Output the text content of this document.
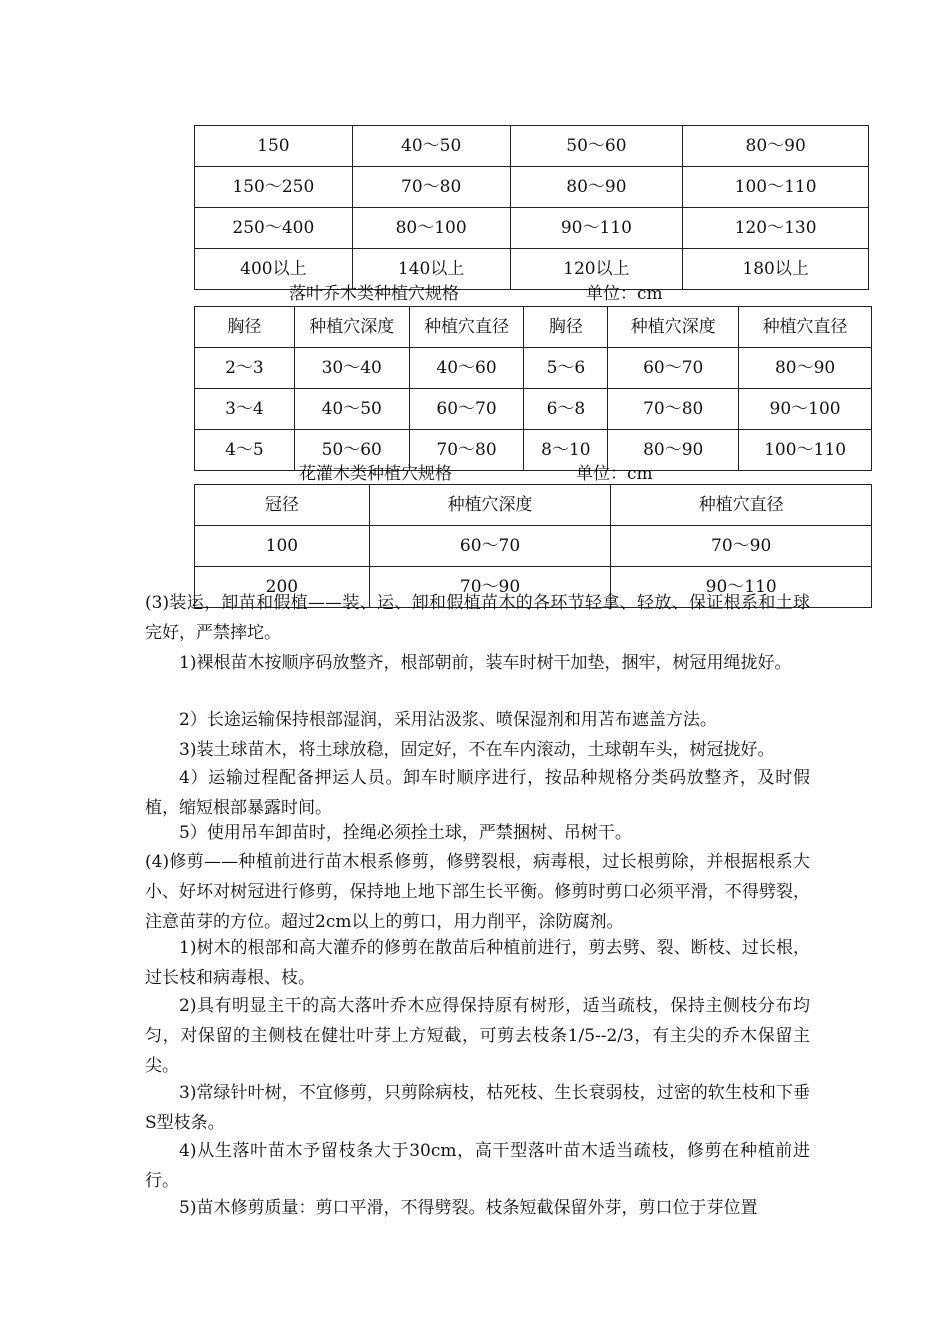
150	40～50	50～60	80～90
150～250	70～80	80～90	100～110
250～400	80～100	90～110	120～130
400以上	140以上	120以上	180以上
落叶乔木类种植穴规格	单位：cm
胸径	种植穴深度	种植穴直径	胸径	种植穴深度	种植穴直径
2～3	30～40	40～60	5～6	60～70	80～90
3～4	40～50	60～70	6～8	70～80	90～100
4～5	50～60	70～80	8～10	80～90	100～110
花灌木类种植穴规格	单位：cm
冠径	种植穴深度	种植穴直径
100	60～70	70～90
200	70～90	90～110

(3)装运，卸苗和假植——装、运、卸和假植苗木的各环节轻拿、轻放、保证根系和土球完好，严禁摔坨。

1)裸根苗木按顺序码放整齐，根部朝前，装车时树干加垫，捆牢，树冠用绳拢好。

2）长途运输保持根部湿润，采用沾汲浆、喷保湿剂和用苫布遮盖方法。

3)装土球苗木，将土球放稳，固定好，不在车内滚动，土球朝车头，树冠拢好。

4）运输过程配备押运人员。卸车时顺序进行，按品种规格分类码放整齐，及时假植，缩短根部暴露时间。

5）使用吊车卸苗时，拴绳必须拴土球，严禁捆树、吊树干。

(4)修剪——种植前进行苗木根系修剪，修劈裂根，病毒根，过长根剪除，并根据根系大小、好坏对树冠进行修剪，保持地上地下部生长平衡。修剪时剪口必须平滑，不得劈裂，注意苗芽的方位。超过2cm以上的剪口，用力削平，涂防腐剂。

1)树木的根部和高大灌乔的修剪在散苗后种植前进行，剪去劈、裂、断枝、过长根，过长枝和病毒根、枝。

2)具有明显主干的高大落叶乔木应得保持原有树形，适当疏枝，保持主侧枝分布均匀，对保留的主侧枝在健壮叶芽上方短截，可剪去枝条1/5--2/3，有主尖的乔木保留主尖。

3)常绿针叶树，不宜修剪，只剪除病枝，枯死枝、生长衰弱枝，过密的软生枝和下垂S型枝条。

4)从生落叶苗木予留枝条大于30cm，高干型落叶苗木适当疏枝，修剪在种植前进行。

5)苗木修剪质量：剪口平滑，不得劈裂。枝条短截保留外芽，剪口位于芽位置
